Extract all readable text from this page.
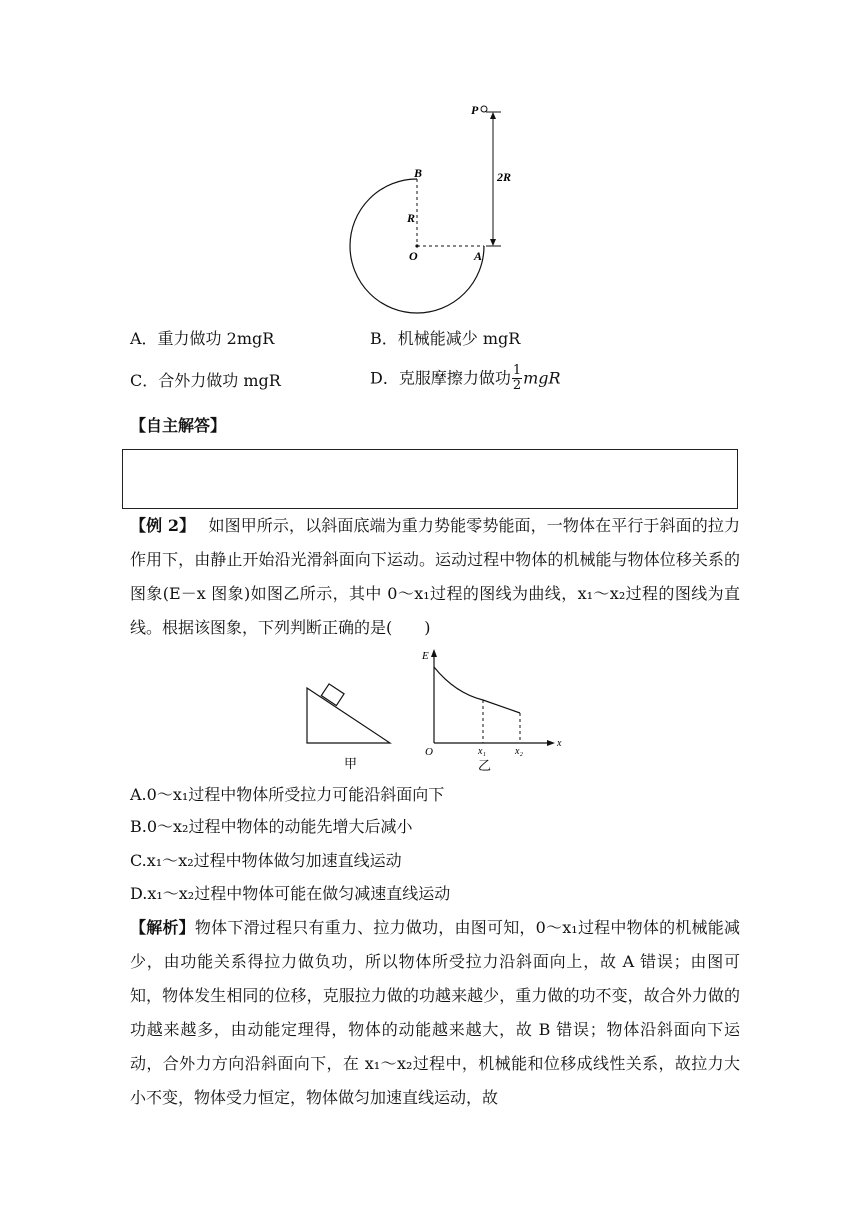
P
B
R
O	A
2R
A．重力做功 2mgR	B．机械能减少 mgR
C．合外力做功 mgR	D．克服摩擦力做功 $\frac{1}{2}$ mgR
【自主解答】
【例 2】 如图甲所示，以斜面底端为重力势能零势能面，一物体在平行于斜面的拉力作用下，由静止开始沿光滑斜面向下运动。运动过程中物体的机械能与物体位移关系的图象(E－x 图象)如图乙所示，其中 0～x₁过程的图线为曲线，x₁～x₂过程的图线为直线。根据该图象，下列判断正确的是(　　)
甲
E
O
x
x₁	x₂
乙
A.0～x₁过程中物体所受拉力可能沿斜面向下
B.0～x₂过程中物体的动能先增大后减小
C.x₁～x₂过程中物体做匀加速直线运动
D.x₁～x₂过程中物体可能在做匀减速直线运动
【解析】物体下滑过程只有重力、拉力做功，由图可知，0～x₁过程中物体的机械能减少，由功能关系得拉力做负功，所以物体所受拉力沿斜面向上，故 A 错误；由图可知，物体发生相同的位移，克服拉力做的功越来越少，重力做的功不变，故合外力做的功越来越多，由动能定理得，物体的动能越来越大，故 B 错误；物体沿斜面向下运动，合外力方向沿斜面向下，在 x₁～x₂过程中，机械能和位移成线性关系，故拉力大小不变，物体受力恒定，物体做匀加速直线运动，故
